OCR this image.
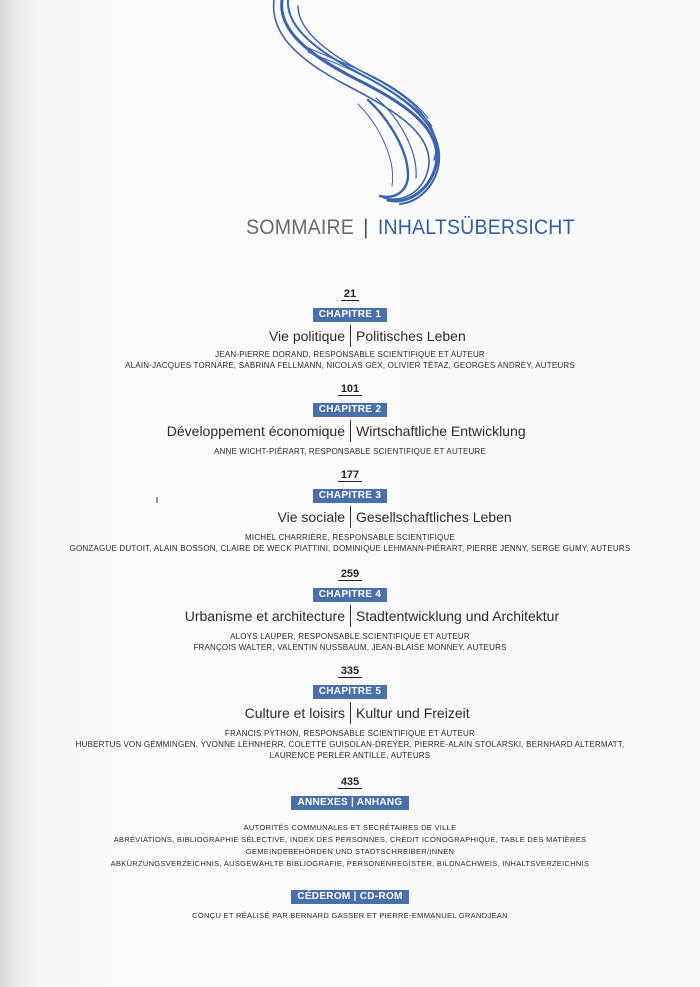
SOMMAIRE | INHALTSÜBERSICHT
21
CHAPITRE 1
Vie politique Politisches Leben
JEAN-PIERRE DORAND, RESPONSABLE SCIENTIFIQUE ET AUTEUR
ALAIN-JACQUES TORNARE, SABRINA FELLMANN, NICOLAS GEX, OLIVIER TÉTAZ, GEORGES ANDREY, AUTEURS
101
CHAPITRE 2
Développement économique Wirtschaftliche Entwicklung
ANNE WICHT-PIÉRART, RESPONSABLE SCIENTIFIQUE ET AUTEURE
177
CHAPITRE 3
Vie sociale Gesellschaftliches Leben
MICHEL CHARRIÈRE, RESPONSABLE SCIENTIFIQUE
GONZAGUE DUTOIT, ALAIN BOSSON, CLAIRE DE WECK PIATTINI, DOMINIQUE LEHMANN-PIÉRART, PIERRE JENNY, SERGE GUMY, AUTEURS
259
CHAPITRE 4
Urbanisme et architecture Stadtentwicklung und Architektur
ALOYS LAUPER, RESPONSABLE SCIENTIFIQUE ET AUTEUR
FRANÇOIS WALTER, VALENTIN NUSSBAUM, JEAN-BLAISE MONNEY, AUTEURS
335
CHAPITRE 5
Culture et loisirs Kultur und Freizeit
FRANCIS PYTHON, RESPONSABLE SCIENTIFIQUE ET AUTEUR
HUBERTUS VON GEMMINGEN, YVONNE LEHNHERR, COLETTE GUISOLAN-DREYER, PIERRE-ALAIN STOLARSKI, BERNHARD ALTERMATT,
LAURENCE PERLER ANTILLE, AUTEURS
435
ANNEXES | ANHANG
AUTORITÉS COMMUNALES ET SECRÉTAIRES DE VILLE
ABRÉVIATIONS, BIBLIOGRAPHIE SÉLECTIVE, INDEX DES PERSONNES, CRÉDIT ICONOGRAPHIQUE, TABLE DES MATIÈRES
GEMEINDEBEHÖRDEN UND STADTSCHREIBER/INNEN
ABKÜRZUNGSVERZEICHNIS, AUSGEWÄHLTE BIBLIOGRAFIE, PERSONENREGISTER, BILDNACHWEIS, INHALTSVERZEICHNIS
CÉDEROM | CD-ROM
CONÇU ET RÉALISÉ PAR BERNARD GASSER ET PIERRE-EMMANUEL GRANDJEAN
